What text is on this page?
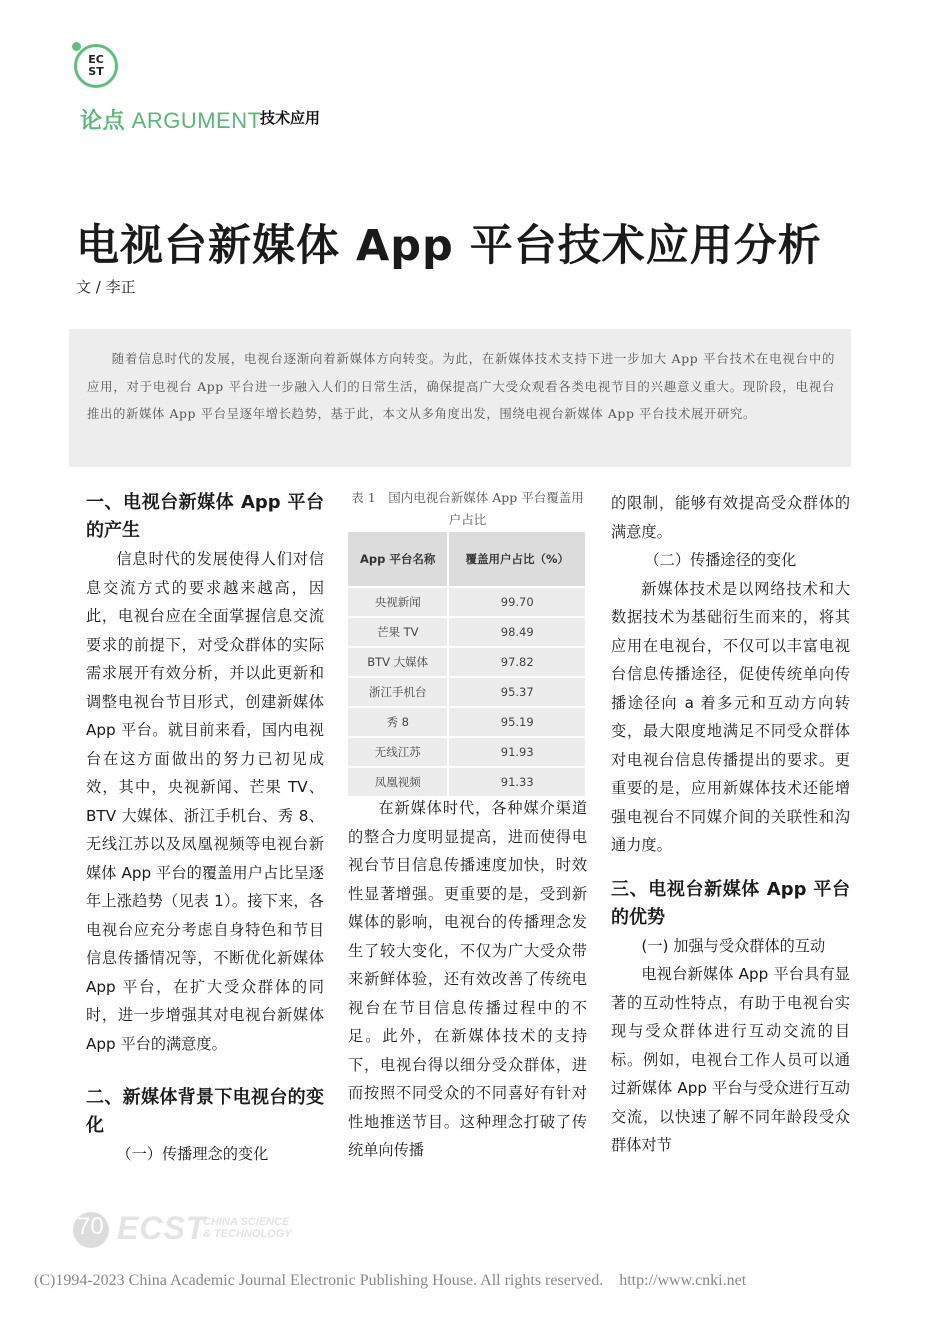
EC
ST
论点 ARGUMENT
技术应用
电视台新媒体 App 平台技术应用分析
文 / 李正

随着信息时代的发展，电视台逐渐向着新媒体方向转变。为此，在新媒体技术支持下进一步加大 App 平台技术在电视台中的应用，对于电视台 App 平台进一步融入人们的日常生活，确保提高广大受众观看各类电视节目的兴趣意义重大。现阶段，电视台推出的新媒体 App 平台呈逐年增长趋势，基于此，本文从多角度出发，围绕电视台新媒体 App 平台技术展开研究。

一、电视台新媒体 App 平台的产生

信息时代的发展使得人们对信息交流方式的要求越来越高，因此，电视台应在全面掌握信息交流要求的前提下，对受众群体的实际需求展开有效分析，并以此更新和调整电视台节目形式，创建新媒体 App 平台。就目前来看，国内电视台在这方面做出的努力已初见成效，其中，央视新闻、芒果 TV、BTV 大媒体、浙江手机台、秀 8、无线江苏以及凤凰视频等电视台新媒体 App 平台的覆盖用户占比呈逐年上涨趋势（见表 1）。接下来，各电视台应充分考虑自身特色和节目信息传播情况等，不断优化新媒体 App 平台，在扩大受众群体的同时，进一步增强其对电视台新媒体 App 平台的满意度。

二、新媒体背景下电视台的变化

（一）传播理念的变化

表 1　国内电视台新媒体 App 平台覆盖用户占比
App 平台名称	覆盖用户占比（%）
央视新闻	99.70
芒果 TV	98.49
BTV 大媒体	97.82
浙江手机台	95.37
秀 8	95.19
无线江苏	91.93
凤凰视频	91.33

在新媒体时代，各种媒介渠道的整合力度明显提高，进而使得电视台节目信息传播速度加快，时效性显著增强。更重要的是，受到新媒体的影响，电视台的传播理念发生了较大变化，不仅为广大受众带来新鲜体验，还有效改善了传统电视台在节目信息传播过程中的不足。此外，在新媒体技术的支持下，电视台得以细分受众群体，进而按照不同受众的不同喜好有针对性地推送节目。这种理念打破了传统单向传播

的限制，能够有效提高受众群体的满意度。

（二）传播途径的变化

新媒体技术是以网络技术和大数据技术为基础衍生而来的，将其应用在电视台，不仅可以丰富电视台信息传播途径，促使传统单向传播途径向 a 着多元和互动方向转变，最大限度地满足不同受众群体对电视台信息传播提出的要求。更重要的是，应用新媒体技术还能增强电视台不同媒介间的关联性和沟通力度。

三、电视台新媒体 App 平台的优势

(一) 加强与受众群体的互动

电视台新媒体 App 平台具有显著的互动性特点，有助于电视台实现与受众群体进行互动交流的目标。例如，电视台工作人员可以通过新媒体 App 平台与受众进行互动交流，以快速了解不同年龄段受众群体对节

70 ECST
CHINA SCIENCE
& TECHNOLOGY
(C)1994-2023 China Academic Journal Electronic Publishing House. All rights reserved.    http://www.cnki.net
